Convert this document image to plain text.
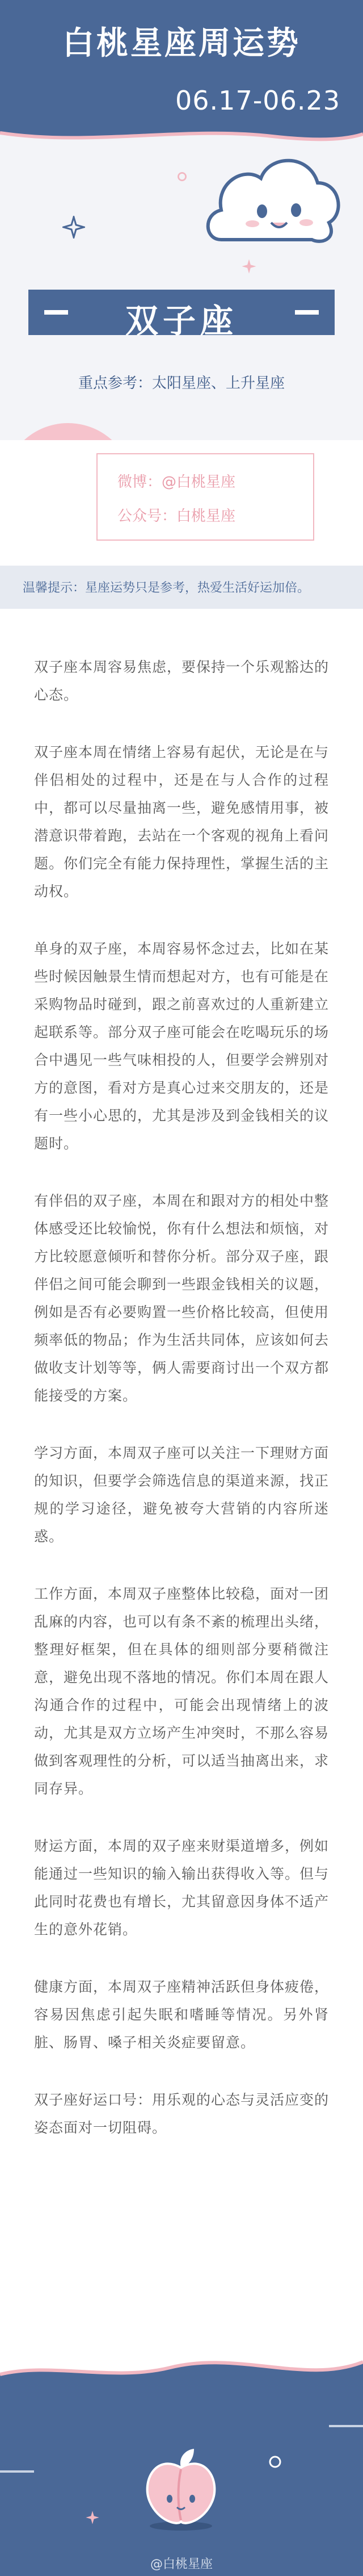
白桃星座周运势
06.17-06.23
双子座
重点参考：太阳星座、上升星座
微博：@白桃星座
公众号：白桃星座
温馨提示：星座运势只是参考，热爱生活好运加倍。

双子座本周容易焦虑，要保持一个乐观豁达的心态。

双子座本周在情绪上容易有起伏，无论是在与伴侣相处的过程中，还是在与人合作的过程中，都可以尽量抽离一些，避免感情用事，被潜意识带着跑，去站在一个客观的视角上看问题。你们完全有能力保持理性，掌握生活的主动权。

单身的双子座，本周容易怀念过去，比如在某些时候因触景生情而想起对方，也有可能是在采购物品时碰到，跟之前喜欢过的人重新建立起联系等。部分双子座可能会在吃喝玩乐的场合中遇见一些气味相投的人，但要学会辨别对方的意图，看对方是真心过来交朋友的，还是有一些小心思的，尤其是涉及到金钱相关的议题时。

有伴侣的双子座，本周在和跟对方的相处中整体感受还比较愉悦，你有什么想法和烦恼，对方比较愿意倾听和替你分析。部分双子座，跟伴侣之间可能会聊到一些跟金钱相关的议题，例如是否有必要购置一些价格比较高，但使用频率低的物品；作为生活共同体，应该如何去做收支计划等等，俩人需要商讨出一个双方都能接受的方案。

学习方面，本周双子座可以关注一下理财方面的知识，但要学会筛选信息的渠道来源，找正规的学习途径，避免被夸大营销的内容所迷惑。

工作方面，本周双子座整体比较稳，面对一团乱麻的内容，也可以有条不紊的梳理出头绪，整理好框架，但在具体的细则部分要稍微注意，避免出现不落地的情况。你们本周在跟人沟通合作的过程中，可能会出现情绪上的波动，尤其是双方立场产生冲突时，不那么容易做到客观理性的分析，可以适当抽离出来，求同存异。

财运方面，本周的双子座来财渠道增多，例如能通过一些知识的输入输出获得收入等。但与此同时花费也有增长，尤其留意因身体不适产生的意外花销。

健康方面，本周双子座精神活跃但身体疲倦，容易因焦虑引起失眠和嗜睡等情况。另外肾脏、肠胃、嗓子相关炎症要留意。

双子座好运口号：用乐观的心态与灵活应变的姿态面对一切阻碍。

@白桃星座
